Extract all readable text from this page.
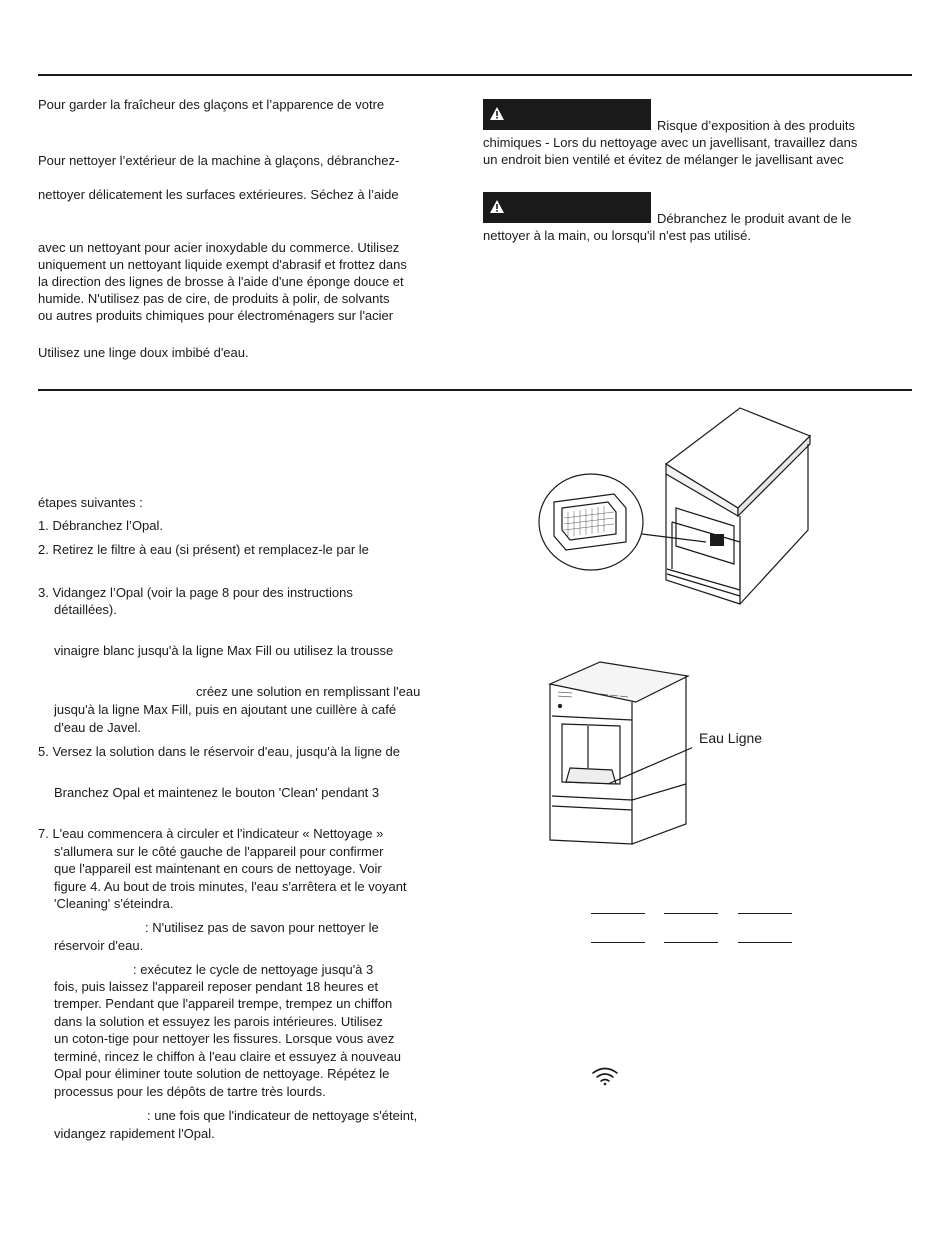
Pour garder la fraîcheur des glaçons et l’apparence de votre
Pour nettoyer l’extérieur de la machine à glaçons, débranchez-
nettoyer délicatement les surfaces extérieures. Séchez à l’aide
avec un nettoyant pour acier inoxydable du commerce. Utilisez
uniquement un nettoyant liquide exempt d'abrasif et frottez dans
la direction des lignes de brosse à l'aide d'une éponge douce et
humide. N'utilisez pas de cire, de produits à polir, de solvants
ou autres produits chimiques pour électroménagers sur l'acier
Utilisez une linge doux imbibé d'eau.
Risque d’exposition à des produits
chimiques - Lors du nettoyage avec un javellisant, travaillez dans
un endroit bien ventilé et évitez de mélanger le javellisant avec
Débranchez le produit avant de le
nettoyer à la main, ou lorsqu'il n'est pas utilisé.
étapes suivantes :
1. Débranchez l’Opal.
2. Retirez le filtre à eau (si présent) et remplacez-le par le
3. Vidangez l’Opal (voir la page 8 pour des instructions
détaillées).
vinaigre blanc jusqu'à la ligne Max Fill ou utilisez la trousse
créez une solution en remplissant l'eau
jusqu'à la ligne Max Fill, puis en ajoutant une cuillère à café
d'eau de Javel.
5. Versez la solution dans le réservoir d'eau, jusqu'à la ligne de
Branchez Opal et maintenez le bouton 'Clean' pendant 3
7. L'eau commencera à circuler et l'indicateur « Nettoyage »
s'allumera sur le côté gauche de l'appareil pour confirmer
que l'appareil est maintenant en cours de nettoyage. Voir
figure 4. Au bout de trois minutes, l'eau s'arrêtera et le voyant
'Cleaning' s'éteindra.
: N'utilisez pas de savon pour nettoyer le
réservoir d'eau.
: exécutez le cycle de nettoyage jusqu'à 3
fois, puis laissez l'appareil reposer pendant 18 heures et
tremper. Pendant que l'appareil trempe, trempez un chiffon
dans la solution et essuyez les parois intérieures. Utilisez
un coton-tige pour nettoyer les fissures. Lorsque vous avez
terminé, rincez le chiffon à l'eau claire et essuyez à nouveau
Opal pour éliminer toute solution de nettoyage. Répétez le
processus pour les dépôts de tartre très lourds.
: une fois que l'indicateur de nettoyage s'éteint,
vidangez rapidement l'Opal.
Eau Ligne
